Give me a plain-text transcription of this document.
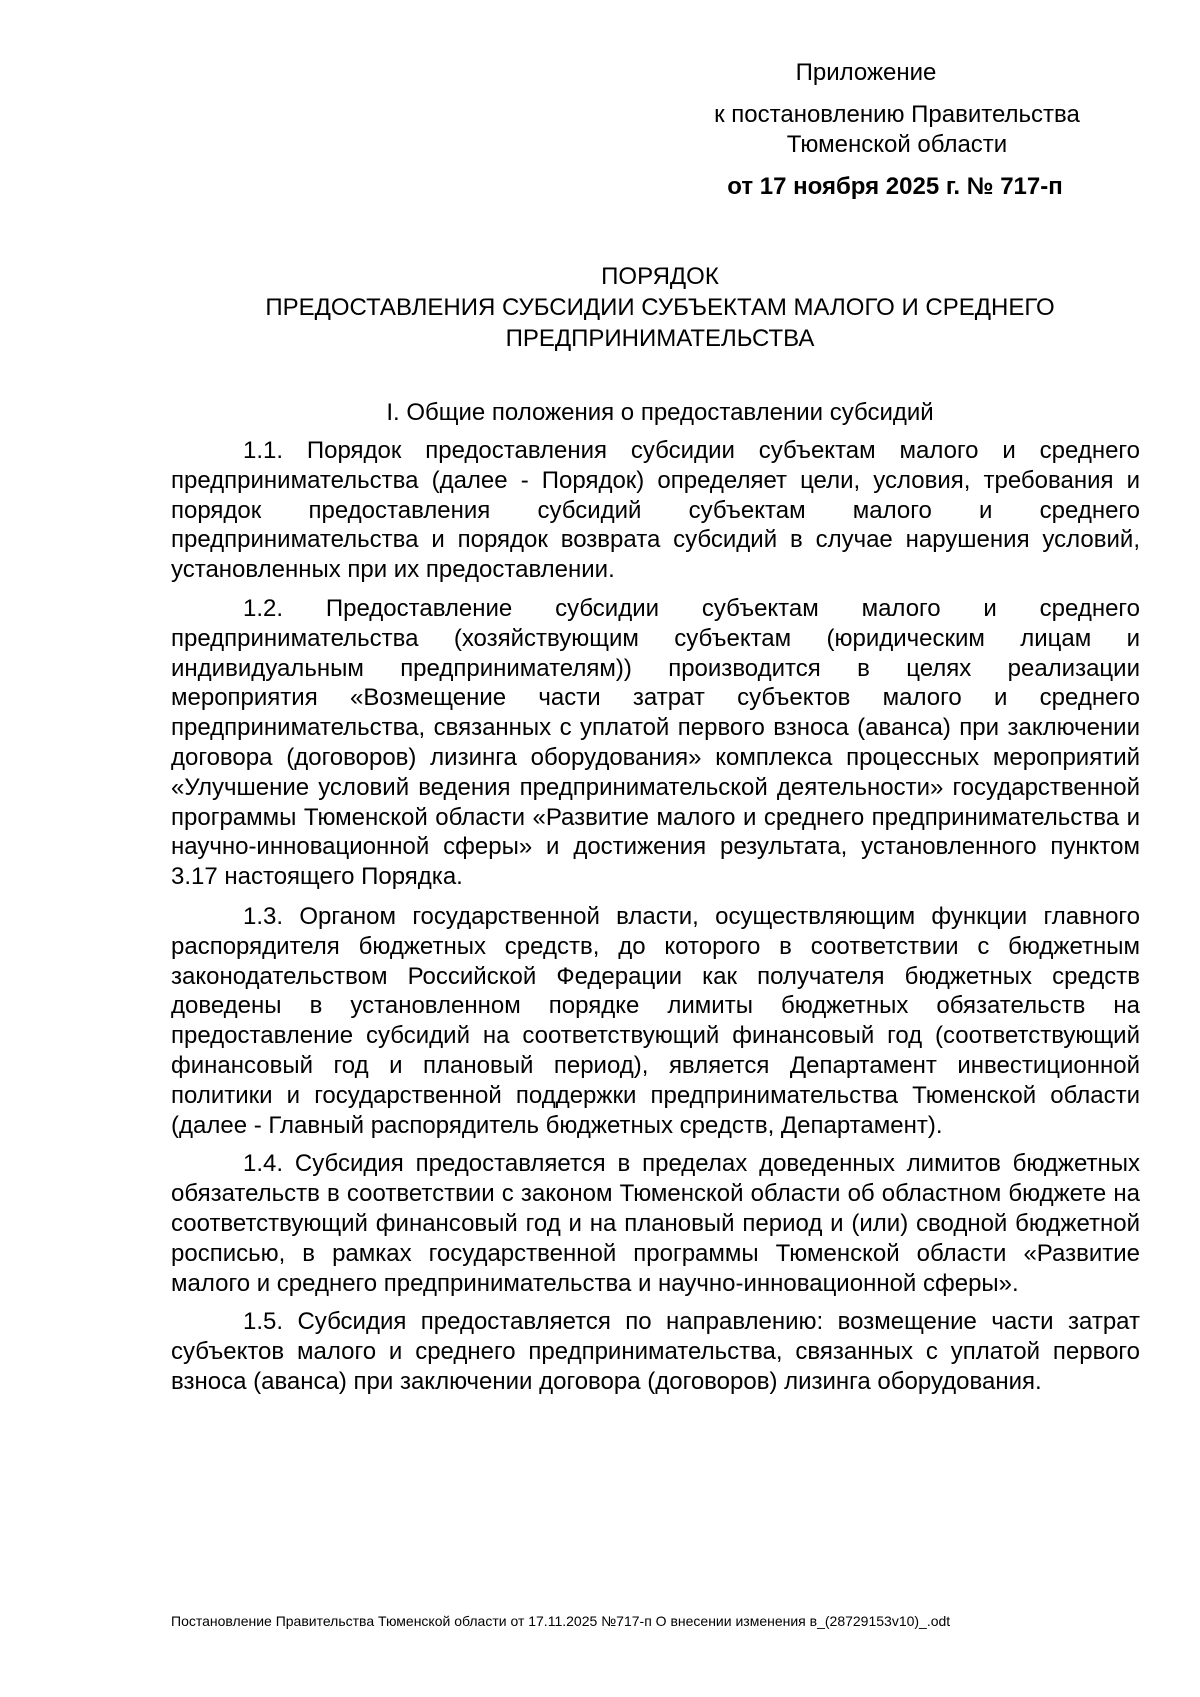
Приложение
к постановлению Правительства
Тюменской области
от 17 ноября 2025 г. № 717-п
ПОРЯДОК
ПРЕДОСТАВЛЕНИЯ СУБСИДИИ СУБЪЕКТАМ МАЛОГО И СРЕДНЕГО
ПРЕДПРИНИМАТЕЛЬСТВА
I. Общие положения о предоставлении субсидий

1.1. Порядок предоставления субсидии субъектам малого и среднего предпринимательства (далее - Порядок) определяет цели, условия, требования и порядок предоставления субсидий субъектам малого и среднего предпринимательства и порядок возврата субсидий в случае нарушения условий, установленных при их предоставлении.

1.2. Предоставление субсидии субъектам малого и среднего предпринимательства (хозяйствующим субъектам (юридическим лицам и индивидуальным предпринимателям)) производится в целях реализации мероприятия «Возмещение части затрат субъектов малого и среднего предпринимательства, связанных с уплатой первого взноса (аванса) при заключении договора (договоров) лизинга оборудования» комплекса процессных мероприятий «Улучшение условий ведения предпринимательской деятельности» государственной программы Тюменской области «Развитие малого и среднего предпринимательства и научно-инновационной сферы» и достижения результата, установленного пунктом 3.17 настоящего Порядка.

1.3. Органом государственной власти, осуществляющим функции главного распорядителя бюджетных средств, до которого в соответствии с бюджетным законодательством Российской Федерации как получателя бюджетных средств доведены в установленном порядке лимиты бюджетных обязательств на предоставление субсидий на соответствующий финансовый год (соответствующий финансовый год и плановый период), является Департамент инвестиционной политики и государственной поддержки предпринимательства Тюменской области (далее - Главный распорядитель бюджетных средств, Департамент).

1.4. Субсидия предоставляется в пределах доведенных лимитов бюджетных обязательств в соответствии с законом Тюменской области об областном бюджете на соответствующий финансовый год и на плановый период и (или) сводной бюджетной росписью, в рамках государственной программы Тюменской области «Развитие малого и среднего предпринимательства и научно-инновационной сферы».

1.5. Субсидия предоставляется по направлению: возмещение части затрат субъектов малого и среднего предпринимательства, связанных с уплатой первого взноса (аванса) при заключении договора (договоров) лизинга оборудования.

Постановление Правительства Тюменской области от 17.11.2025 №717-п О внесении изменения в_(28729153v10)_.odt
